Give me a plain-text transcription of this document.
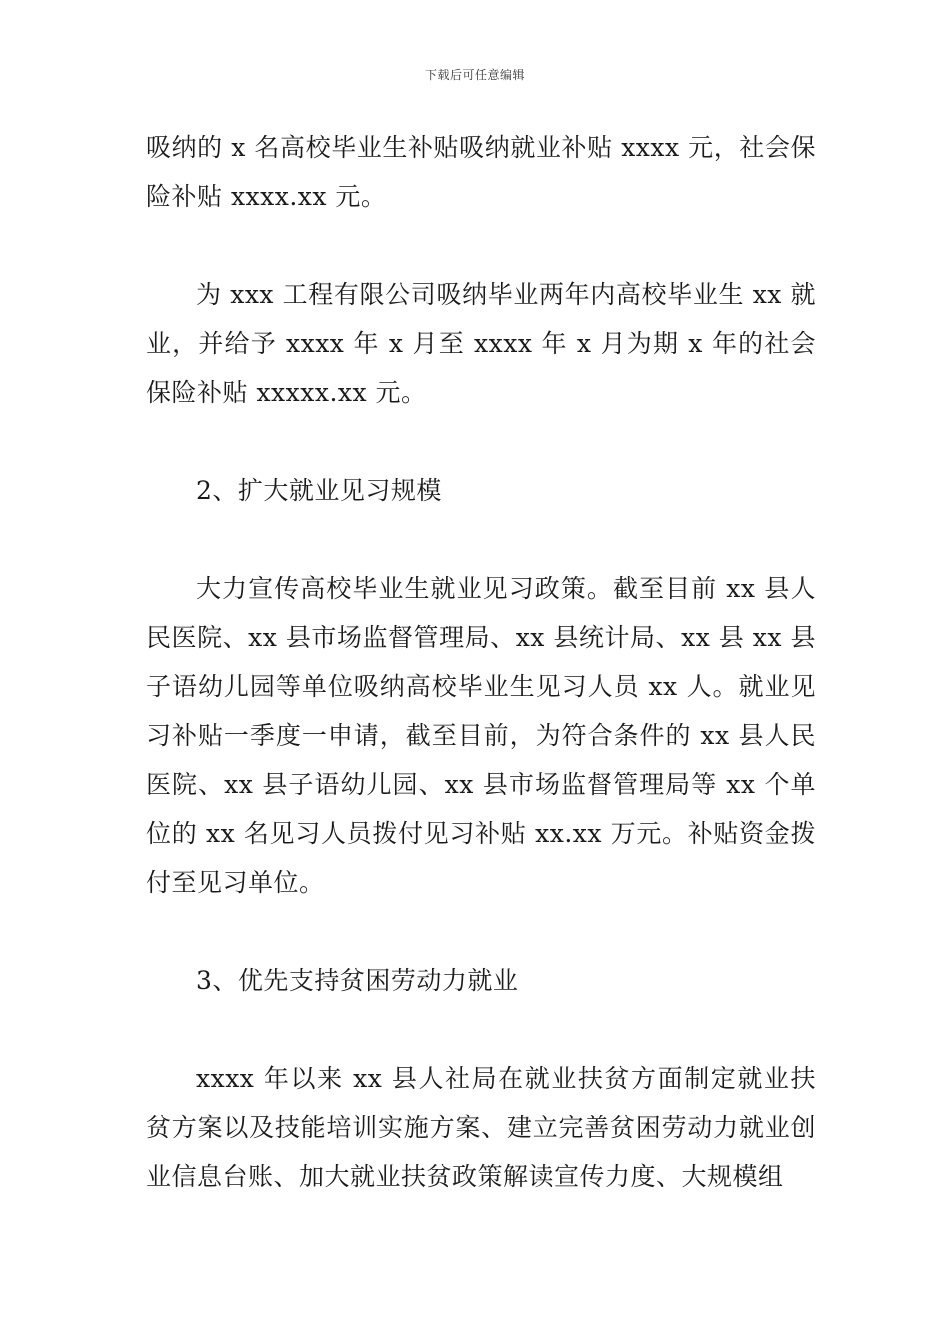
下载后可任意编辑

吸纳的 x 名高校毕业生补贴吸纳就业补贴 xxxx 元，社会保险补贴 xxxx.xx 元。

为 xxx 工程有限公司吸纳毕业两年内高校毕业生 xx 就业，并给予 xxxx 年 x 月至 xxxx 年 x 月为期 x 年的社会保险补贴 xxxxx.xx 元。

2、扩大就业见习规模

大力宣传高校毕业生就业见习政策。截至目前 xx 县人民医院、xx 县市场监督管理局、xx 县统计局、xx 县 xx 县子语幼儿园等单位吸纳高校毕业生见习人员 xx 人。就业见习补贴一季度一申请，截至目前，为符合条件的 xx 县人民医院、xx 县子语幼儿园、xx 县市场监督管理局等 xx 个单位的 xx 名见习人员拨付见习补贴 xx.xx 万元。补贴资金拨付至见习单位。

3、优先支持贫困劳动力就业

xxxx 年以来 xx 县人社局在就业扶贫方面制定就业扶贫方案以及技能培训实施方案、建立完善贫困劳动力就业创业信息台账、加大就业扶贫政策解读宣传力度、大规模组
